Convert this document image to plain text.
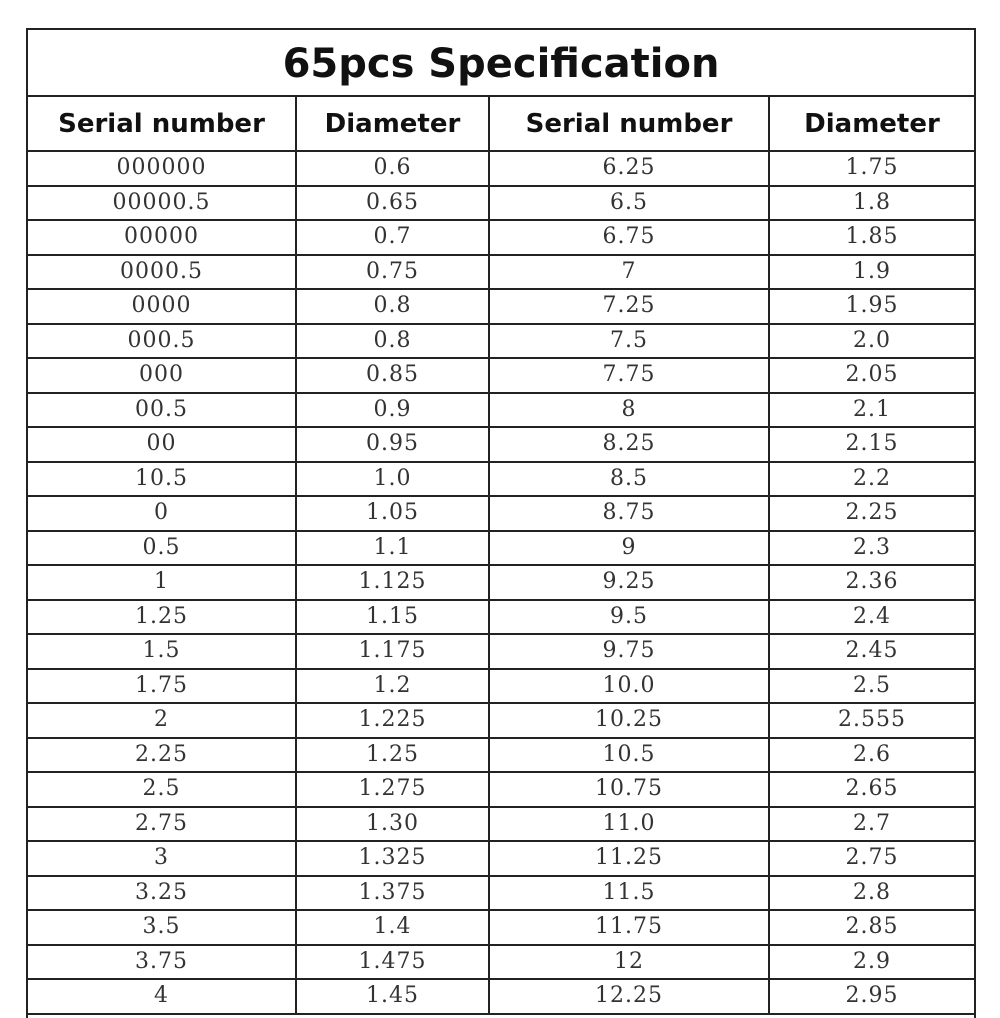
65pcs Specification
Serial number	Diameter	Serial number	Diameter
000000	0.6	6.25	1.75
00000.5	0.65	6.5	1.8
00000	0.7	6.75	1.85
0000.5	0.75	7	1.9
0000	0.8	7.25	1.95
000.5	0.8	7.5	2.0
000	0.85	7.75	2.05
00.5	0.9	8	2.1
00	0.95	8.25	2.15
10.5	1.0	8.5	2.2
0	1.05	8.75	2.25
0.5	1.1	9	2.3
1	1.125	9.25	2.36
1.25	1.15	9.5	2.4
1.5	1.175	9.75	2.45
1.75	1.2	10.0	2.5
2	1.225	10.25	2.555
2.25	1.25	10.5	2.6
2.5	1.275	10.75	2.65
2.75	1.30	11.0	2.7
3	1.325	11.25	2.75
3.25	1.375	11.5	2.8
3.5	1.4	11.75	2.85
3.75	1.475	12	2.9
4	1.45	12.25	2.95
